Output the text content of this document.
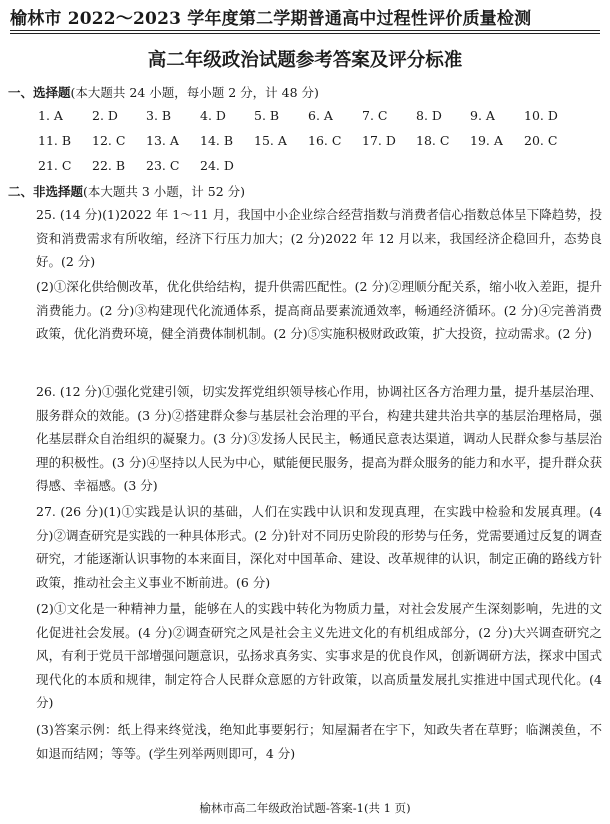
榆林市 2022～2023 学年度第二学期普通高中过程性评价质量检测
高二年级政治试题参考答案及评分标准
一、选择题(本大题共 24 小题，每小题 2 分，计 48 分)
1. A 2. D 3. B 4. D 5. B 6. A 7. C 8. D 9. A 10. D
11. B 12. C 13. A 14. B 15. A 16. C 17. D 18. C 19. A 20. C
21. C 22. B 23. C 24. D
二、非选择题(本大题共 3 小题，计 52 分)
25. (14 分)(1)2022 年 1～11 月，我国中小企业综合经营指数与消费者信心指数总体呈下降趋势，投资和消费需求有所收缩，经济下行压力加大；(2 分)2022 年 12 月以来，我国经济企稳回升，态势良好。(2 分)
(2)①深化供给侧改革，优化供给结构，提升供需匹配性。(2 分)②理顺分配关系，缩小收入差距，提升消费能力。(2 分)③构建现代化流通体系，提高商品要素流通效率，畅通经济循环。(2 分)④完善消费政策，优化消费环境，健全消费体制机制。(2 分)⑤实施积极财政政策，扩大投资，拉动需求。(2 分)
26. (12 分)①强化党建引领，切实发挥党组织领导核心作用，协调社区各方治理力量，提升基层治理、服务群众的效能。(3 分)②搭建群众参与基层社会治理的平台，构建共建共治共享的基层治理格局，强化基层群众自治组织的凝聚力。(3 分)③发扬人民民主，畅通民意表达渠道，调动人民群众参与基层治理的积极性。(3 分)④坚持以人民为中心，赋能便民服务，提高为群众服务的能力和水平，提升群众获得感、幸福感。(3 分)
27. (26 分)(1)①实践是认识的基础，人们在实践中认识和发现真理，在实践中检验和发展真理。(4 分)②调查研究是实践的一种具体形式。(2 分)针对不同历史阶段的形势与任务，党需要通过反复的调查研究，才能逐渐认识事物的本来面目，深化对中国革命、建设、改革规律的认识，制定正确的路线方针政策，推动社会主义事业不断前进。(6 分)
(2)①文化是一种精神力量，能够在人的实践中转化为物质力量，对社会发展产生深刻影响，先进的文化促进社会发展。(4 分)②调查研究之风是社会主义先进文化的有机组成部分，(2 分)大兴调查研究之风，有利于党员干部增强问题意识，弘扬求真务实、实事求是的优良作风，创新调研方法，探求中国式现代化的本质和规律，制定符合人民群众意愿的方针政策，以高质量发展扎实推进中国式现代化。(4 分)
(3)答案示例：纸上得来终觉浅，绝知此事要躬行；知屋漏者在宇下，知政失者在草野；临渊羡鱼，不如退而结网；等等。(学生列举两则即可，4 分)
榆林市高二年级政治试题-答案-1(共 1 页)
